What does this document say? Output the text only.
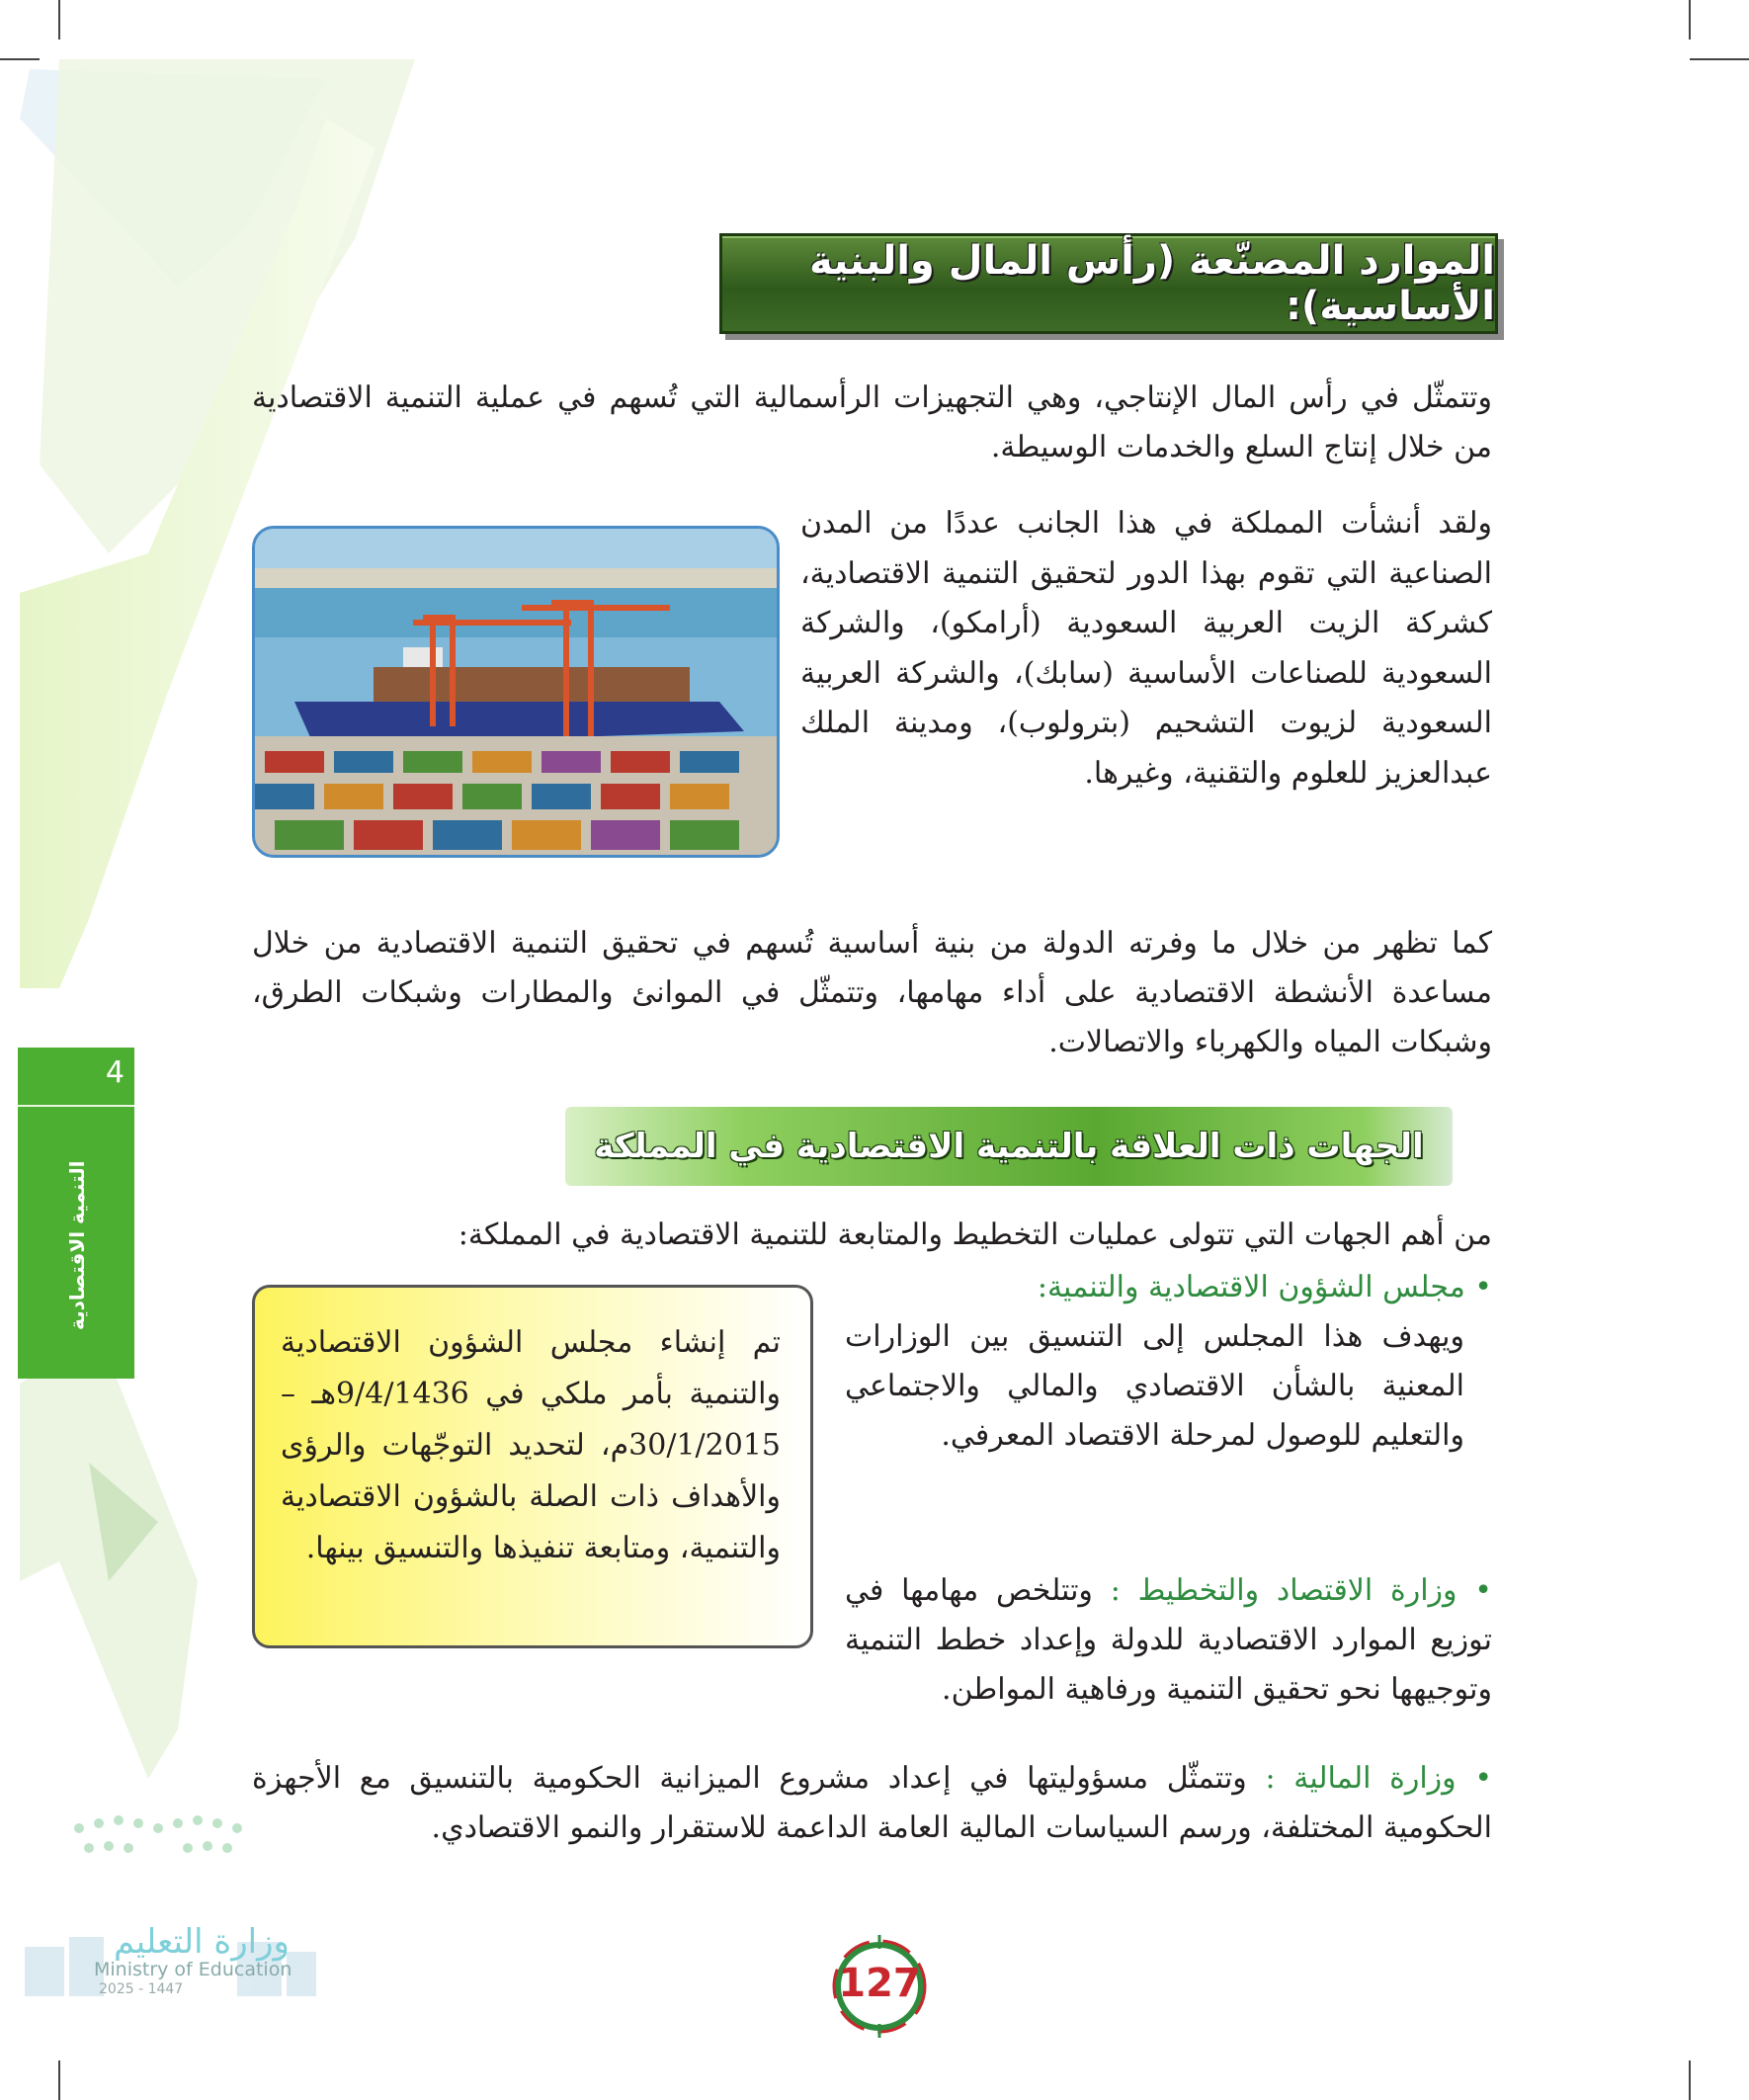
الموارد المصنّعة (رأس المال والبنية الأساسية):
وتتمثّل في رأس المال الإنتاجي، وهي التجهيزات الرأسمالية التي تُسهم في عملية التنمية الاقتصادية من خلال إنتاج السلع والخدمات الوسيطة.
ولقد أنشأت المملكة في هذا الجانب عددًا من المدن الصناعية التي تقوم بهذا الدور لتحقيق التنمية الاقتصادية، كشركة الزيت العربية السعودية (أرامكو)، والشركة السعودية للصناعات الأساسية (سابك)، والشركة العربية السعودية لزيوت التشحيم (بترولوب)، ومدينة الملك عبدالعزيز للعلوم والتقنية، وغيرها.
كما تظهر من خلال ما وفرته الدولة من بنية أساسية تُسهم في تحقيق التنمية الاقتصادية من خلال مساعدة الأنشطة الاقتصادية على أداء مهامها، وتتمثّل في الموانئ والمطارات وشبكات الطرق، وشبكات المياه والكهرباء والاتصالات.
4
التنمية الاقتصادية
الجهات ذات العلاقة بالتنمية الاقتصادية في المملكة
من أهم الجهات التي تتولى عمليات التخطيط والمتابعة للتنمية الاقتصادية في المملكة:
• مجلس الشؤون الاقتصادية والتنمية:
ويهدف هذا المجلس إلى التنسيق بين الوزارات المعنية بالشأن الاقتصادي والمالي والاجتماعي والتعليم للوصول لمرحلة الاقتصاد المعرفي.
تم إنشاء مجلس الشؤون الاقتصادية والتنمية بأمر ملكي في 9/4/1436هـ – 30/1/2015م، لتحديد التوجّهات والرؤى والأهداف ذات الصلة بالشؤون الاقتصادية والتنمية، ومتابعة تنفيذها والتنسيق بينها.
• وزارة الاقتصاد والتخطيط : وتتلخص مهامها في توزيع الموارد الاقتصادية للدولة وإعداد خطط التنمية وتوجيهها نحو تحقيق التنمية ورفاهية المواطن.
• وزارة المالية : وتتمثّل مسؤوليتها في إعداد مشروع الميزانية الحكومية بالتنسيق مع الأجهزة الحكومية المختلفة، ورسم السياسات المالية العامة الداعمة للاستقرار والنمو الاقتصادي.
وزارة التعليم
Ministry of Education
2025 - 1447	127
